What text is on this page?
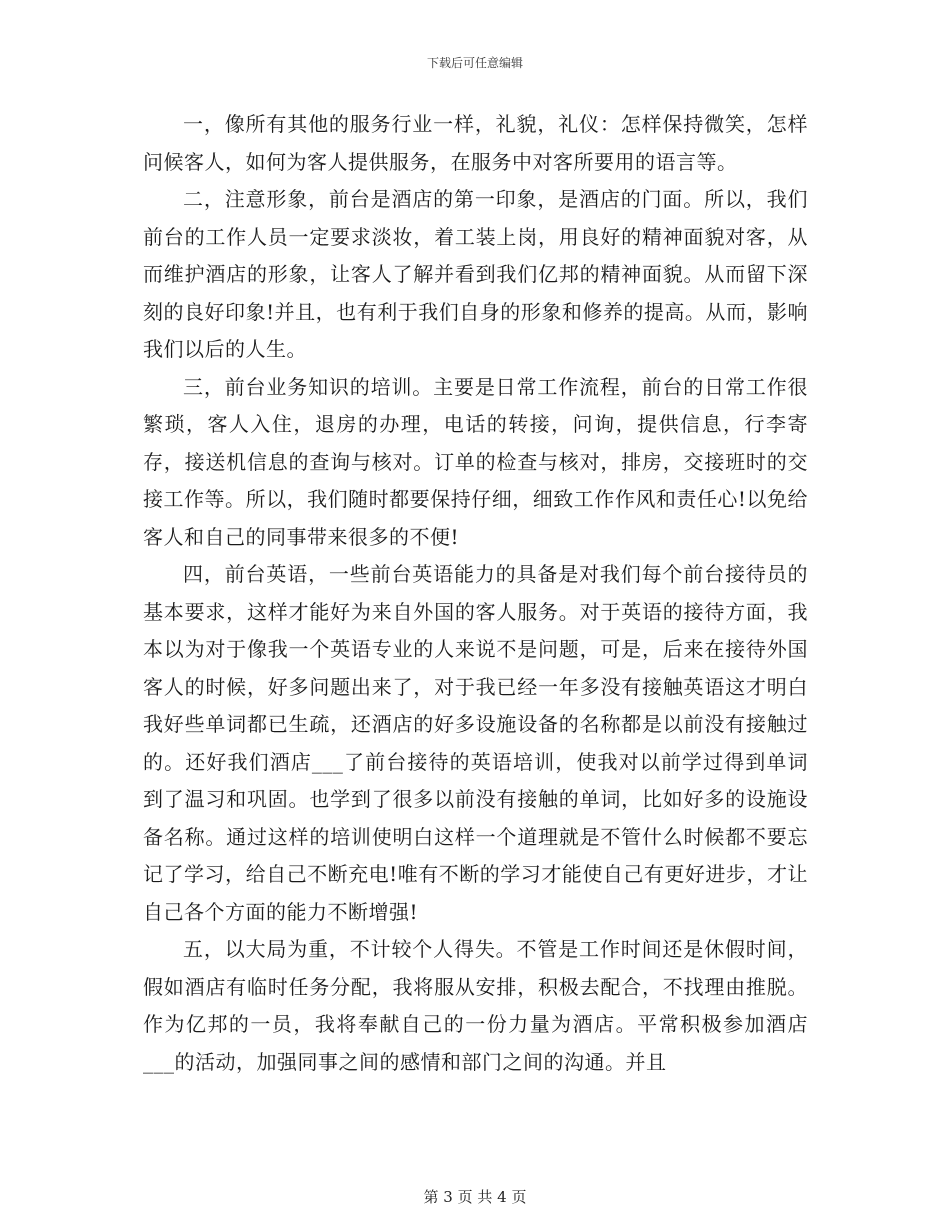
下载后可任意编辑

一，像所有其他的服务行业一样，礼貌，礼仪：怎样保持微笑，怎样问候客人，如何为客人提供服务，在服务中对客所要用的语言等。

二，注意形象，前台是酒店的第一印象，是酒店的门面。所以，我们前台的工作人员一定要求淡妆，着工装上岗，用良好的精神面貌对客，从而维护酒店的形象，让客人了解并看到我们亿邦的精神面貌。从而留下深刻的良好印象!并且，也有利于我们自身的形象和修养的提高。从而，影响我们以后的人生。

三，前台业务知识的培训。主要是日常工作流程，前台的日常工作很繁琐，客人入住，退房的办理，电话的转接，问询，提供信息，行李寄存，接送机信息的查询与核对。订单的检查与核对，排房，交接班时的交接工作等。所以，我们随时都要保持仔细，细致工作作风和责任心!以免给客人和自己的同事带来很多的不便!

四，前台英语，一些前台英语能力的具备是对我们每个前台接待员的基本要求，这样才能好为来自外国的客人服务。对于英语的接待方面，我本以为对于像我一个英语专业的人来说不是问题，可是，后来在接待外国客人的时候，好多问题出来了，对于我已经一年多没有接触英语这才明白我好些单词都已生疏，还酒店的好多设施设备的名称都是以前没有接触过的。还好我们酒店___了前台接待的英语培训，使我对以前学过得到单词到了温习和巩固。也学到了很多以前没有接触的单词，比如好多的设施设备名称。通过这样的培训使明白这样一个道理就是不管什么时候都不要忘记了学习，给自己不断充电!唯有不断的学习才能使自己有更好进步，才让自己各个方面的能力不断增强!

五，以大局为重，不计较个人得失。不管是工作时间还是休假时间，假如酒店有临时任务分配，我将服从安排，积极去配合，不找理由推脱。作为亿邦的一员，我将奉献自己的一份力量为酒店。平常积极参加酒店___的活动，加强同事之间的感情和部门之间的沟通。并且

第 3 页 共 4 页
